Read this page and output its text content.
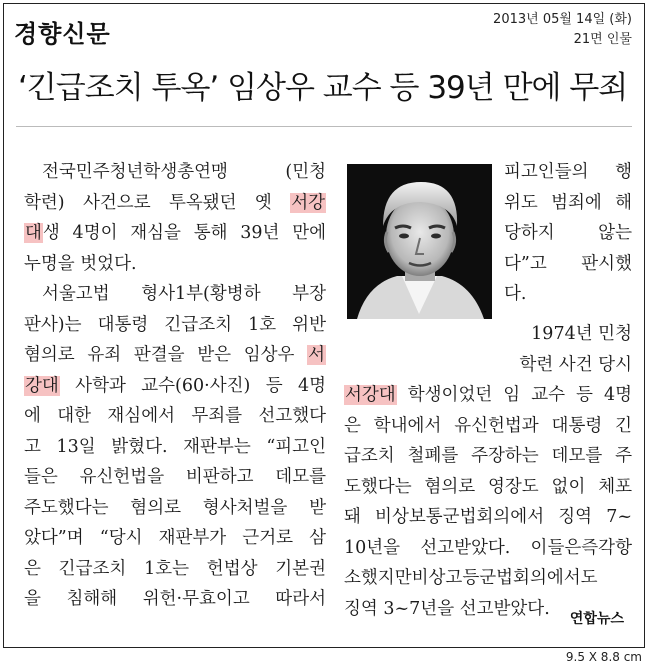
경향신문
2013년 05월 14일 (화)
21면 인물
‘긴급조치 투옥’ 임상우 교수 등 39년 만에 무죄
전국민주청년학생총연맹 (민청
학련) 사건으로 투옥됐던 옛 서강
대생 4명이 재심을 통해 39년 만에
누명을 벗었다.
서울고법 형사1부(황병하 부장
판사)는 대통령 긴급조치 1호 위반
혐의로 유죄 판결을 받은 임상우 서
강대 사학과 교수(60·사진) 등 4명
에 대한 재심에서 무죄를 선고했다
고 13일 밝혔다. 재판부는 “피고인
들은 유신헌법을 비판하고 데모를
주도했다는 혐의로 형사처벌을 받
았다”며 “당시 재판부가 근거로 삼
은 긴급조치 1호는 헌법상 기본권
을 침해해 위헌·무효이고 따라서
피고인들의 행
위도 범죄에 해
당하지 않는
다”고 판시했
다.
1974년 민청
학련 사건 당시
서강대 학생이었던 임 교수 등 4명
은 학내에서 유신헌법과 대통령 긴
급조치 철폐를 주장하는 데모를 주
도했다는 혐의로 영장도 없이 체포
돼 비상보통군법회의에서 징역 7~
10년을 선고받았다. 이들은즉각항
소했지만비상고등군법회의에서도
징역 3~7년을 선고받았다.
연합뉴스
9.5 X 8.8 cm
